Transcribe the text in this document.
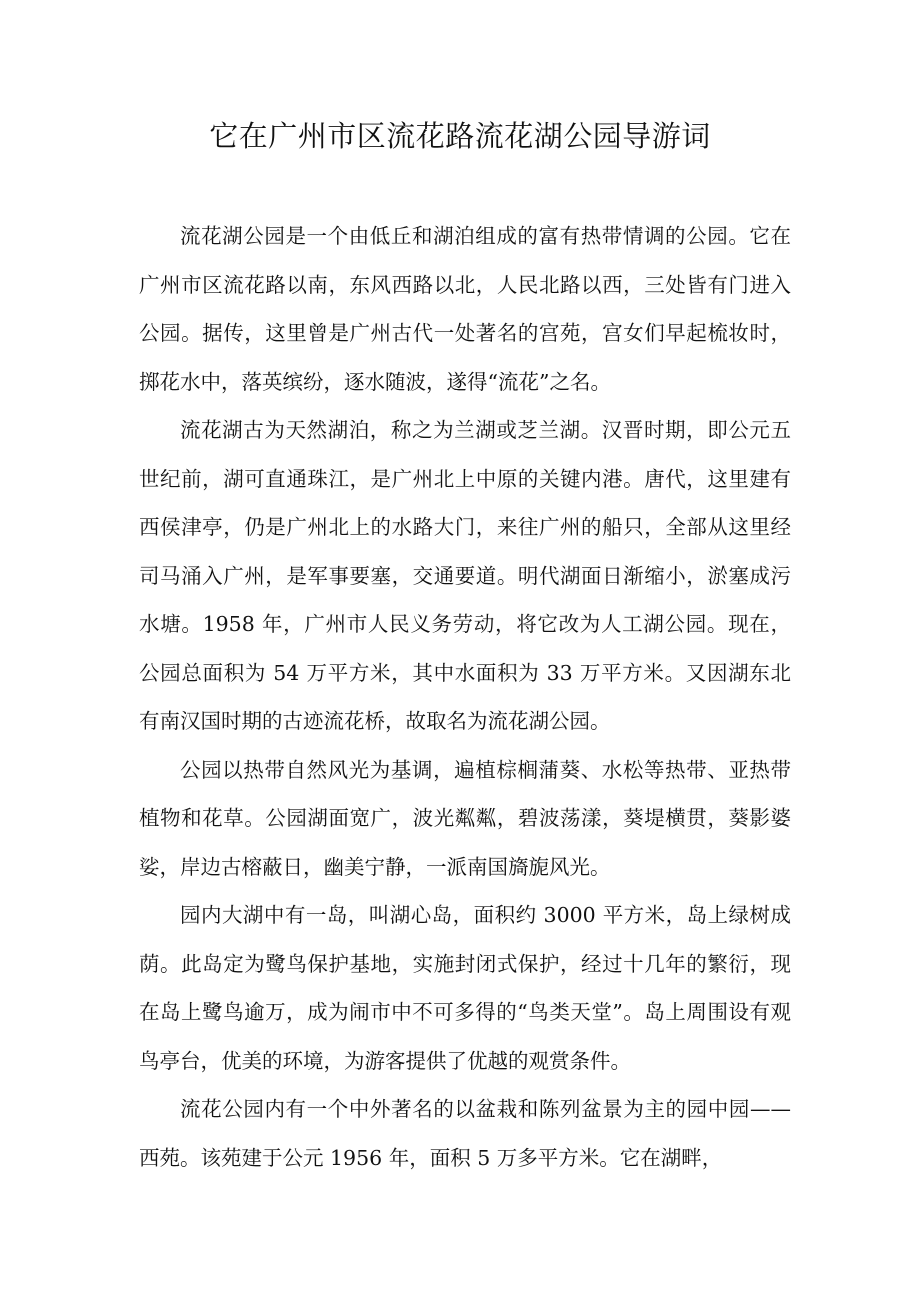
它在广州市区流花路流花湖公园导游词

流花湖公园是一个由低丘和湖泊组成的富有热带情调的公园。它在广州市区流花路以南，东风西路以北，人民北路以西，三处皆有门进入公园。据传，这里曾是广州古代一处著名的宫苑，宫女们早起梳妆时，掷花水中，落英缤纷，逐水随波，遂得“流花”之名。

流花湖古为天然湖泊，称之为兰湖或芝兰湖。汉晋时期，即公元五世纪前，湖可直通珠江，是广州北上中原的关键内港。唐代，这里建有西侯津亭，仍是广州北上的水路大门，来往广州的船只，全部从这里经司马涌入广州，是军事要塞，交通要道。明代湖面日渐缩小，淤塞成污水塘。1958 年，广州市人民义务劳动，将它改为人工湖公园。现在，公园总面积为 54 万平方米，其中水面积为 33 万平方米。又因湖东北有南汉国时期的古迹流花桥，故取名为流花湖公园。

公园以热带自然风光为基调，遍植棕榈蒲葵、水松等热带、亚热带植物和花草。公园湖面宽广，波光粼粼，碧波荡漾，葵堤横贯，葵影婆娑，岸边古榕蔽日，幽美宁静，一派南国旖旎风光。

园内大湖中有一岛，叫湖心岛，面积约 3000 平方米，岛上绿树成荫。此岛定为鹭鸟保护基地，实施封闭式保护，经过十几年的繁衍，现在岛上鹭鸟逾万，成为闹市中不可多得的“鸟类天堂”。岛上周围设有观鸟亭台，优美的环境，为游客提供了优越的观赏条件。

流花公园内有一个中外著名的以盆栽和陈列盆景为主的园中园——西苑。该苑建于公元 1956 年，面积 5 万多平方米。它在湖畔，
